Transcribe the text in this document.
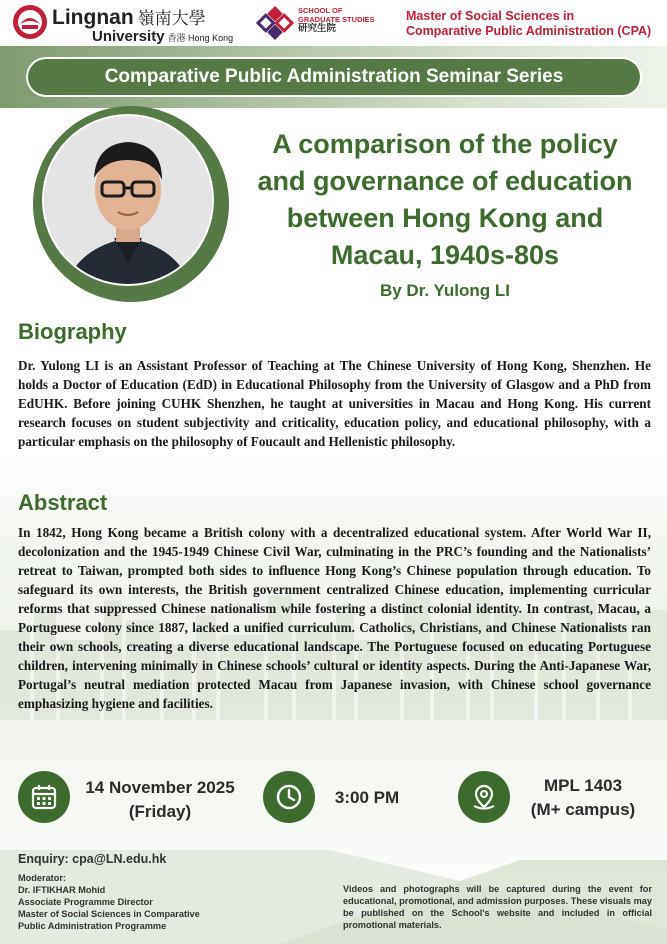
Lingnan 嶺南大學
University 香港 Hong Kong
SCHOOL OF
GRADUATE STUDIES
研究生院
Master of Social Sciences in
Comparative Public Administration (CPA)
Comparative Public Administration Seminar Series
A comparison of the policy
and governance of education
between Hong Kong and
Macau, 1940s-80s
By Dr. Yulong LI
Biography
Dr. Yulong LI is an Assistant Professor of Teaching at The Chinese University of Hong Kong, Shenzhen. He holds a Doctor of Education (EdD) in Educational Philosophy from the University of Glasgow and a PhD from EdUHK. Before joining CUHK Shenzhen, he taught at universities in Macau and Hong Kong. His current research focuses on student subjectivity and criticality, education policy, and educational philosophy, with a particular emphasis on the philosophy of Foucault and Hellenistic philosophy.
Abstract
In 1842, Hong Kong became a British colony with a decentralized educational system. After World War II, decolonization and the 1945-1949 Chinese Civil War, culminating in the PRC’s founding and the Nationalists’ retreat to Taiwan, prompted both sides to influence Hong Kong’s Chinese population through education. To safeguard its own interests, the British government centralized Chinese education, implementing curricular reforms that suppressed Chinese nationalism while fostering a distinct colonial identity. In contrast, Macau, a Portuguese colony since 1887, lacked a unified curriculum. Catholics, Christians, and Chinese Nationalists ran their own schools, creating a diverse educational landscape. The Portuguese focused on educating Portuguese children, intervening minimally in Chinese schools’ cultural or identity aspects. During the Anti-Japanese War, Portugal’s neutral mediation protected Macau from Japanese invasion, with Chinese school governance emphasizing hygiene and facilities.
14 November 2025
(Friday)
3:00 PM
MPL 1403
(M+ campus)
Enquiry: cpa@LN.edu.hk
Moderator:
Dr. IFTIKHAR Mohid
Associate Programme Director
Master of Social Sciences in Comparative
Public Administration Programme
Videos and photographs will be captured during the event for educational, promotional, and admission purposes. These visuals may be published on the School's website and included in official promotional materials.
